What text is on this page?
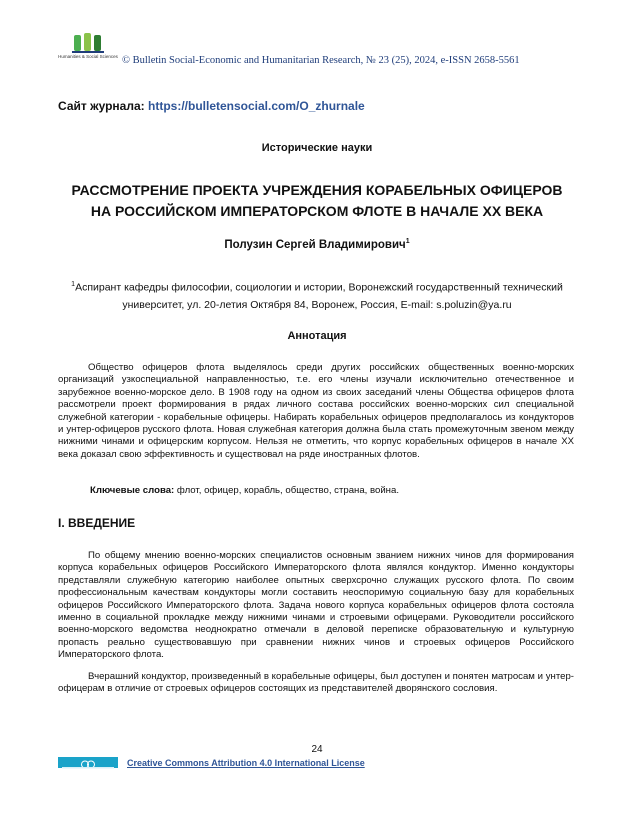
Humanities & Social Sciences © Bulletin Social-Economic and Humanitarian Research, № 23 (25), 2024, e-ISSN 2658-5561
Сайт журнала: https://bulletensocial.com/O_zhurnale
Исторические науки
РАССМОТРЕНИЕ ПРОЕКТА УЧРЕЖДЕНИЯ КОРАБЕЛЬНЫХ ОФИЦЕРОВ
НА РОССИЙСКОМ ИМПЕРАТОРСКОМ ФЛОТЕ В НАЧАЛЕ XX ВЕКА
Полузин Сергей Владимирович$^1$
$^1$Аспирант кафедры философии, социологии и истории, Воронежский государственный технический университет, ул. 20-летия Октября 84, Воронеж, Россия, E-mail: s.poluzin@ya.ru
Аннотация
Общество офицеров флота выделялось среди других российских общественных военно-морских организаций узкоспециальной направленностью, т.е. его члены изучали исключительно отечественное и зарубежное военно-морское дело. В 1908 году на одном из своих заседаний члены Общества офицеров флота рассмотрели проект формирования в рядах личного состава российских военно-морских сил специальной служебной категории - корабельные офицеры. Набирать корабельных офицеров предполагалось из кондукторов и унтер-офицеров русского флота. Новая служебная категория должна была стать промежуточным звеном между нижними чинами и офицерским корпусом. Нельзя не отметить, что корпус корабельных офицеров в начале XX века доказал свою эффективность и существовал на ряде иностранных флотов.
Ключевые слова: флот, офицер, корабль, общество, страна, война.
I. ВВЕДЕНИЕ
По общему мнению военно-морских специалистов основным званием нижних чинов для формирования корпуса корабельных офицеров Российского Императорского флота являлся кондуктор. Именно кондукторы представляли служебную категорию наиболее опытных сверхсрочно служащих русского флота. По своим профессиональным качествам кондукторы могли составить неоспоримую социальную базу для корабельных офицеров Российского Императорского флота. Задача нового корпуса корабельных офицеров флота состояла именно в социальной прокладке между нижними чинами и строевыми офицерами. Руководители российского военно-морского ведомства неоднократно отмечали в деловой переписке образовательную и культурную пропасть реально существовавшую при сравнении нижних чинов и строевых офицеров Российского Императорского флота.
Вчерашний кондуктор, произведенный в корабельные офицеры, был доступен и понятен матросам и унтер-офицерам в отличие от строевых офицеров состоящих из представителей дворянского сословия.
24
Creative Commons Attribution 4.0 International License
